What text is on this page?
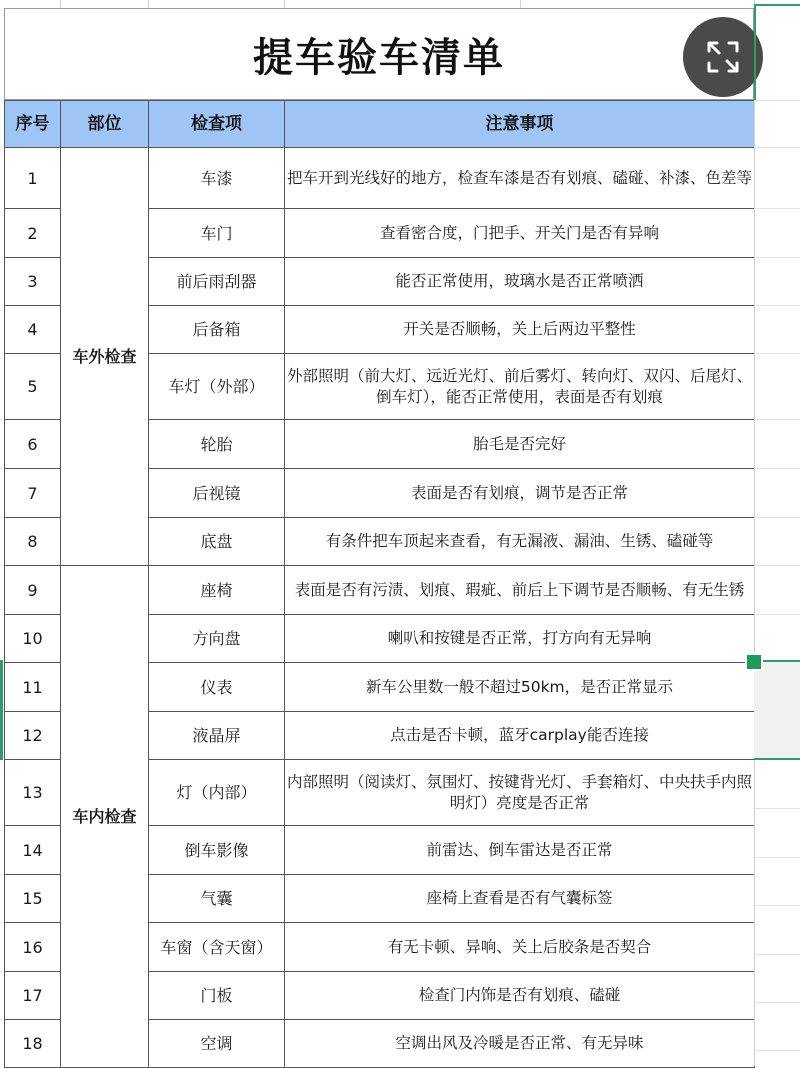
提车验车清单
序号	部位	检查项	注意事项
1	车外检查	车漆	把车开到光线好的地方，检查车漆是否有划痕、磕碰、补漆、色差等
2		车门	查看密合度，门把手、开关门是否有异响
3		前后雨刮器	能否正常使用，玻璃水是否正常喷洒
4		后备箱	开关是否顺畅，关上后两边平整性
5		车灯（外部）	外部照明（前大灯、远近光灯、前后雾灯、转向灯、双闪、后尾灯、倒车灯），能否正常使用，表面是否有划痕
6		轮胎	胎毛是否完好
7		后视镜	表面是否有划痕，调节是否正常
8		底盘	有条件把车顶起来查看，有无漏液、漏油、生锈、磕碰等
9	车内检查	座椅	表面是否有污渍、划痕、瑕疵、前后上下调节是否顺畅、有无生锈
10		方向盘	喇叭和按键是否正常，打方向有无异响
11		仪表	新车公里数一般不超过50km，是否正常显示
12		液晶屏	点击是否卡顿，蓝牙carplay能否连接
13		灯（内部）	内部照明（阅读灯、氛围灯、按键背光灯、手套箱灯、中央扶手内照明灯）亮度是否正常
14		倒车影像	前雷达、倒车雷达是否正常
15		气囊	座椅上查看是否有气囊标签
16		车窗（含天窗）	有无卡顿、异响、关上后胶条是否契合
17		门板	检查门内饰是否有划痕、磕碰
18		空调	空调出风及冷暖是否正常、有无异味
